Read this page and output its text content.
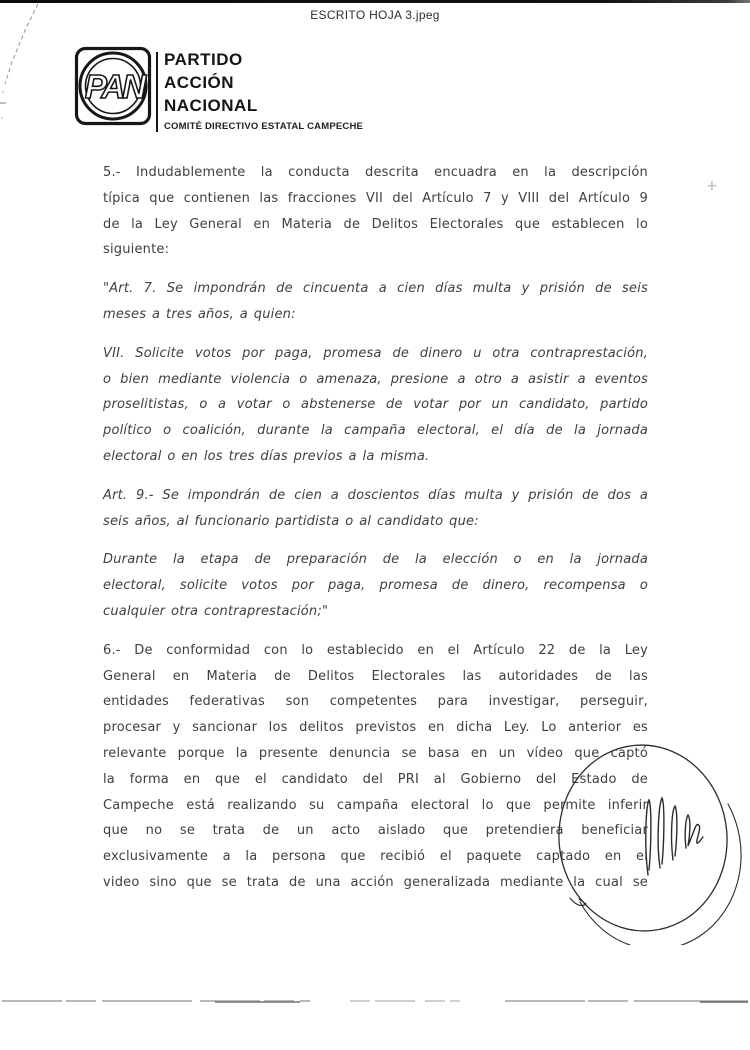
ESCRITO HOJA 3.jpeg
+
PAN
PARTIDO
ACCIÓN
NACIONAL
COMITÉ DIRECTIVO ESTATAL CAMPECHE
5.- Indudablemente la conducta descrita encuadra en la descripción
típica que contienen las fracciones VII del Artículo 7 y VIII del Artículo 9
de la Ley General en Materia de Delitos Electorales que establecen lo
siguiente:
"Art. 7. Se impondrán de cincuenta a cien días multa y prisión de seis
meses a tres años, a quien:
VII. Solicite votos por paga, promesa de dinero u otra contraprestación,
o bien mediante violencia o amenaza, presione a otro a asistir a eventos
proselitistas, o a votar o abstenerse de votar por un candidato, partido
político o coalición, durante la campaña electoral, el día de la jornada
electoral o en los tres días previos a la misma.
Art. 9.- Se impondrán de cien a doscientos días multa y prisión de dos a
seis años, al funcionario partidista o al candidato que:
Durante la etapa de preparación de la elección o en la jornada
electoral, solicite votos por paga, promesa de dinero, recompensa o
cualquier otra contraprestación;"
6.- De conformidad con lo establecido en el Artículo 22 de la Ley
General en Materia de Delitos Electorales las autoridades de las
entidades federativas son competentes para investigar, perseguir,
procesar y sancionar los delitos previstos en dicha Ley. Lo anterior es
relevante porque la presente denuncia se basa en un vídeo que captó
la forma en que el candidato del PRI al Gobierno del Estado de
Campeche está realizando su campaña electoral lo que permite inferir
que no se trata de un acto aislado que pretendiera beneficiar
exclusivamente a la persona que recibió el paquete captado en el
video sino que se trata de una acción generalizada mediante la cual se
